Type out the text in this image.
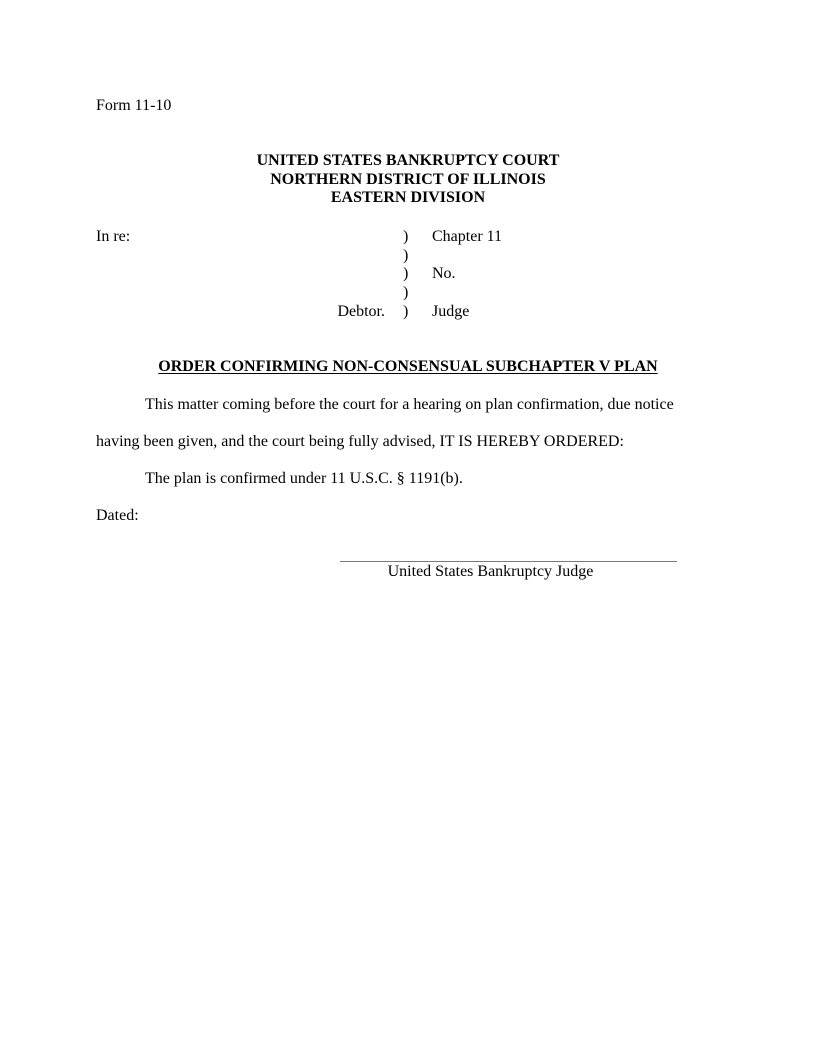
Form 11-10
UNITED STATES BANKRUPTCY COURT
NORTHERN DISTRICT OF ILLINOIS
EASTERN DIVISION
In re:	)
)
)
)
)
Chapter 11
No.
Judge
Debtor.
ORDER CONFIRMING NON-CONSENSUAL SUBCHAPTER V PLAN
This matter coming before the court for a hearing on plan confirmation, due notice
having been given, and the court being fully advised, IT IS HEREBY ORDERED:
The plan is confirmed under 11 U.S.C. § 1191(b).
Dated:
United States Bankruptcy Judge
